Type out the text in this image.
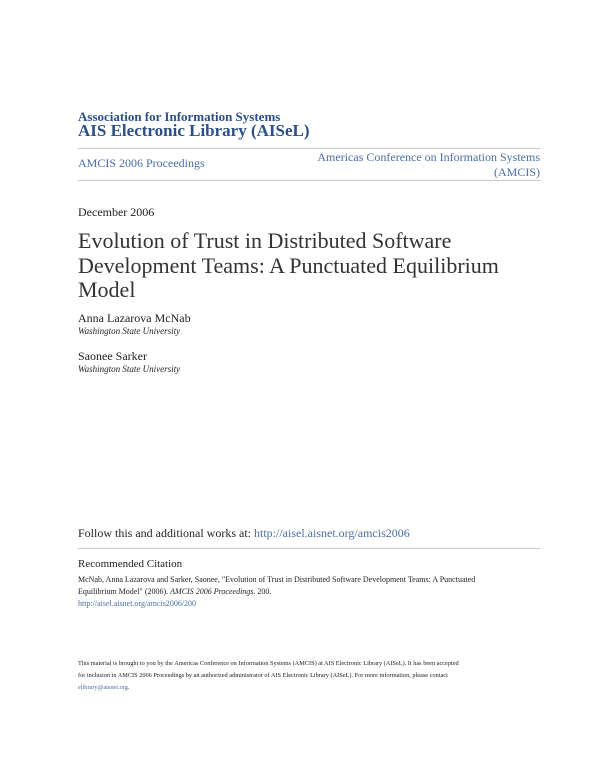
Association for Information Systems
AIS Electronic Library (AISeL)
AMCIS 2006 Proceedings	Americas Conference on Information Systems
(AMCIS)
December 2006
Evolution of Trust in Distributed Software
Development Teams: A Punctuated Equilibrium
Model
Anna Lazarova McNab
Washington State University
Saonee Sarker
Washington State University
Follow this and additional works at: http://aisel.aisnet.org/amcis2006
Recommended Citation
McNab, Anna Lazarova and Sarker, Saonee, "Evolution of Trust in Distributed Software Development Teams: A Punctuated
Equilibrium Model" (2006). AMCIS 2006 Proceedings. 200.
http://aisel.aisnet.org/amcis2006/200
This material is brought to you by the Americas Conference on Information Systems (AMCIS) at AIS Electronic Library (AISeL). It has been accepted
for inclusion in AMCIS 2006 Proceedings by an authorized administrator of AIS Electronic Library (AISeL). For more information, please contact
elibrary@aisnet.org.
